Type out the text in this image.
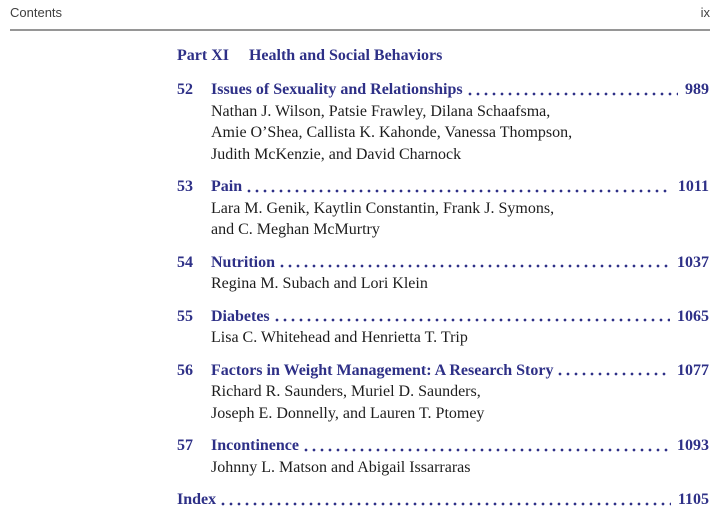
Contents	ix
Part XI Health and Social Behaviors
52	Issues of Sexuality and Relationships	989
Nathan J. Wilson, Patsie Frawley, Dilana Schaafsma,
Amie O’Shea, Callista K. Kahonde, Vanessa Thompson,
Judith McKenzie, and David Charnock
53	Pain	1011
Lara M. Genik, Kaytlin Constantin, Frank J. Symons,
and C. Meghan McMurtry
54	Nutrition	1037
Regina M. Subach and Lori Klein
55	Diabetes	1065
Lisa C. Whitehead and Henrietta T. Trip
56	Factors in Weight Management: A Research Story	1077
Richard R. Saunders, Muriel D. Saunders,
Joseph E. Donnelly, and Lauren T. Ptomey
57	Incontinence	1093
Johnny L. Matson and Abigail Issarraras
Index	1105
